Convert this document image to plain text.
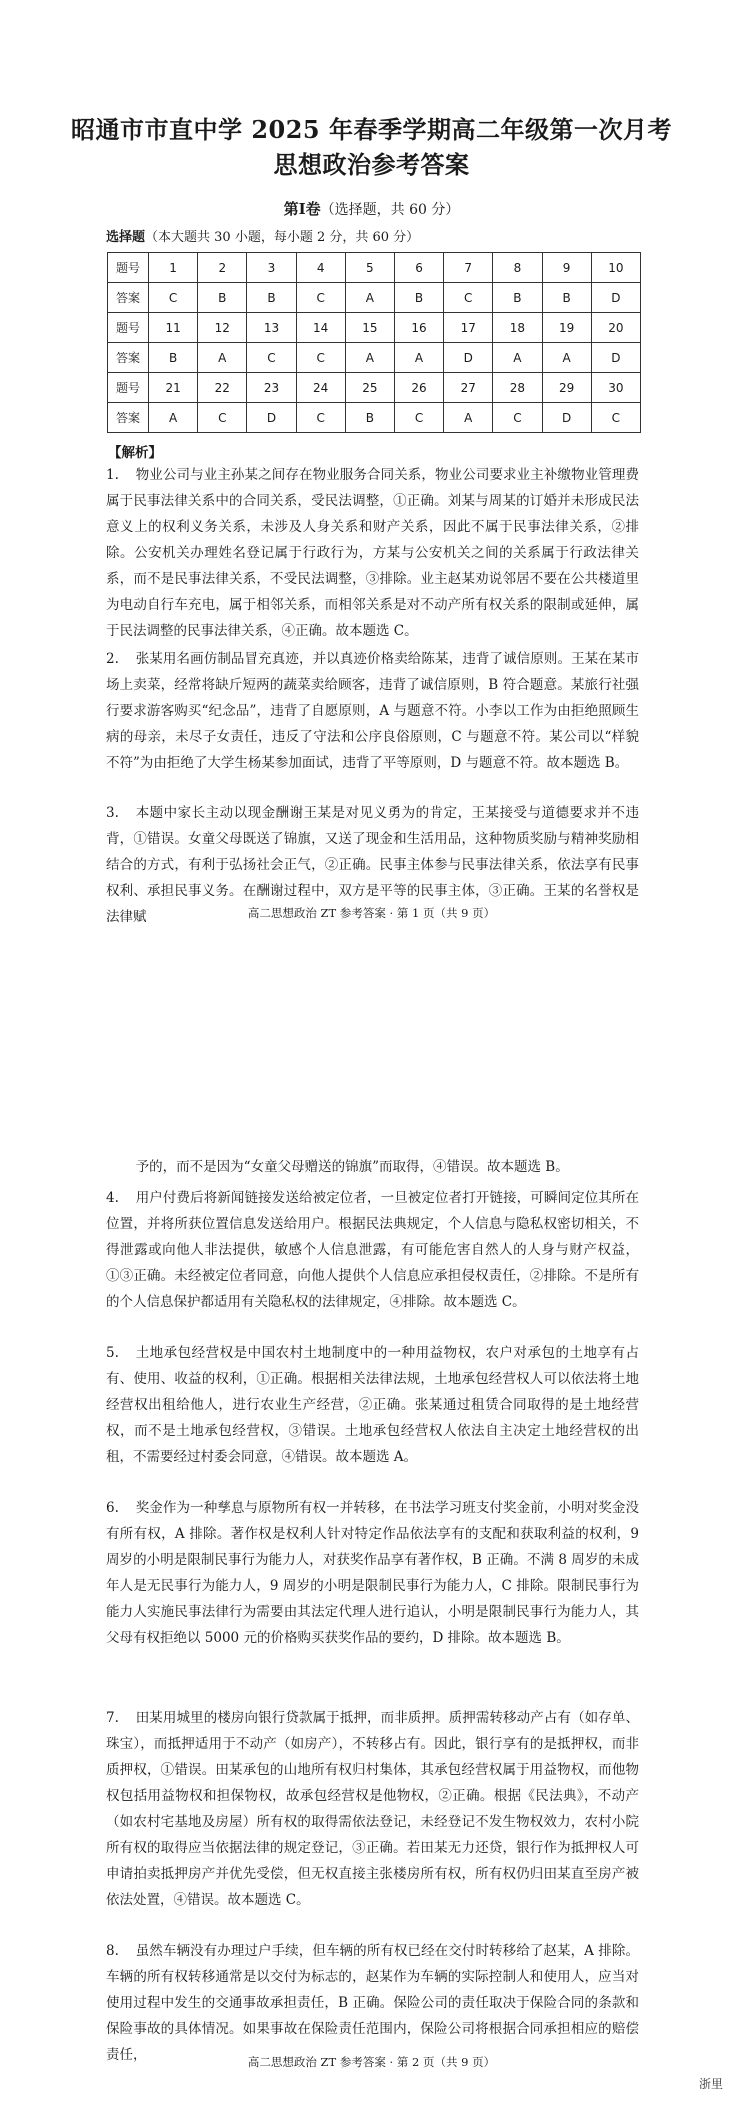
昭通市市直中学 2025 年春季学期高二年级第一次月考
思想政治参考答案
第Ⅰ卷（选择题，共 60 分）
选择题（本大题共 30 小题，每小题 2 分，共 60 分）
题号	1	2	3	4	5	6	7	8	9	10
答案	C	B	B	C	A	B	C	B	B	D
题号	11	12	13	14	15	16	17	18	19	20
答案	B	A	C	C	A	A	D	A	A	D
题号	21	22	23	24	25	26	27	28	29	30
答案	A	C	D	C	B	C	A	C	D	C
【解析】
1.	物业公司与业主孙某之间存在物业服务合同关系，物业公司要求业主补缴物业管理费属于民事法律关系中的合同关系，受民法调整，①正确。刘某与周某的订婚并未形成民法意义上的权利义务关系，未涉及人身关系和财产关系，因此不属于民事法律关系，②排除。公安机关办理姓名登记属于行政行为，方某与公安机关之间的关系属于行政法律关系，而不是民事法律关系，不受民法调整，③排除。业主赵某劝说邻居不要在公共楼道里为电动自行车充电，属于相邻关系，而相邻关系是对不动产所有权关系的限制或延伸，属于民法调整的民事法律关系，④正确。故本题选 C。
2.	张某用名画仿制品冒充真迹，并以真迹价格卖给陈某，违背了诚信原则。王某在某市场上卖菜，经常将缺斤短两的蔬菜卖给顾客，违背了诚信原则，B 符合题意。某旅行社强行要求游客购买“纪念品”，违背了自愿原则，A 与题意不符。小李以工作为由拒绝照顾生病的母亲，未尽子女责任，违反了守法和公序良俗原则，C 与题意不符。某公司以“样貌不符”为由拒绝了大学生杨某参加面试，违背了平等原则，D 与题意不符。故本题选 B。
3.	本题中家长主动以现金酬谢王某是对见义勇为的肯定，王某接受与道德要求并不违背，①错误。女童父母既送了锦旗，又送了现金和生活用品，这种物质奖励与精神奖励相结合的方式，有利于弘扬社会正气，②正确。民事主体参与民事法律关系，依法享有民事权利、承担民事义务。在酬谢过程中，双方是平等的民事主体，③正确。王某的名誉权是法律赋	高二思想政治 ZT 参考答案 · 第 1 页（共 9 页）
予的，而不是因为“女童父母赠送的锦旗”而取得，④错误。故本题选 B。
4.	用户付费后将新闻链接发送给被定位者，一旦被定位者打开链接，可瞬间定位其所在位置，并将所获位置信息发送给用户。根据民法典规定，个人信息与隐私权密切相关，不得泄露或向他人非法提供，敏感个人信息泄露，有可能危害自然人的人身与财产权益，①③正确。未经被定位者同意，向他人提供个人信息应承担侵权责任，②排除。不是所有的个人信息保护都适用有关隐私权的法律规定，④排除。故本题选 C。
5.	土地承包经营权是中国农村土地制度中的一种用益物权，农户对承包的土地享有占有、使用、收益的权利，①正确。根据相关法律法规，土地承包经营权人可以依法将土地经营权出租给他人，进行农业生产经营，②正确。张某通过租赁合同取得的是土地经营权，而不是土地承包经营权，③错误。土地承包经营权人依法自主决定土地经营权的出租，不需要经过村委会同意，④错误。故本题选 A。
6.	奖金作为一种孳息与原物所有权一并转移，在书法学习班支付奖金前，小明对奖金没有所有权，A 排除。著作权是权利人针对特定作品依法享有的支配和获取利益的权利，9 周岁的小明是限制民事行为能力人，对获奖作品享有著作权，B 正确。不满 8 周岁的未成年人是无民事行为能力人，9 周岁的小明是限制民事行为能力人，C 排除。限制民事行为能力人实施民事法律行为需要由其法定代理人进行追认，小明是限制民事行为能力人，其父母有权拒绝以 5000 元的价格购买获奖作品的要约，D 排除。故本题选 B。
7.	田某用城里的楼房向银行贷款属于抵押，而非质押。质押需转移动产占有（如存单、珠宝），而抵押适用于不动产（如房产），不转移占有。因此，银行享有的是抵押权，而非质押权，①错误。田某承包的山地所有权归村集体，其承包经营权属于用益物权，而他物权包括用益物权和担保物权，故承包经营权是他物权，②正确。根据《民法典》，不动产（如农村宅基地及房屋）所有权的取得需依法登记，未经登记不发生物权效力，农村小院所有权的取得应当依据法律的规定登记，③正确。若田某无力还贷，银行作为抵押权人可申请拍卖抵押房产并优先受偿，但无权直接主张楼房所有权，所有权仍归田某直至房产被依法处置，④错误。故本题选 C。
8.	虽然车辆没有办理过户手续，但车辆的所有权已经在交付时转移给了赵某，A 排除。车辆的所有权转移通常是以交付为标志的，赵某作为车辆的实际控制人和使用人，应当对使用过程中发生的交通事故承担责任，B 正确。保险公司的责任取决于保险合同的条款和保险事故的具体情况。如果事故在保险责任范围内，保险公司将根据合同承担相应的赔偿责任，	高二思想政治 ZT 参考答案 · 第 2 页（共 9 页）
浙里
